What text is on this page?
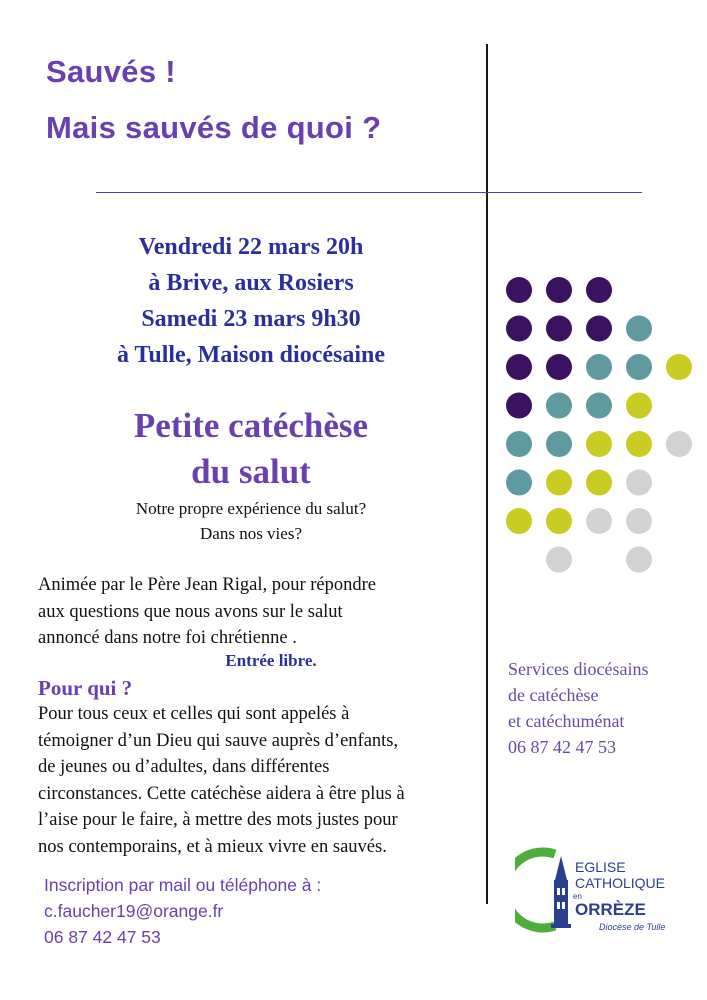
Sauvés !
Mais sauvés de quoi ?
Vendredi 22 mars 20h
à Brive, aux Rosiers
Samedi 23 mars 9h30
à Tulle, Maison diocésaine
Petite catéchèse
du salut
Notre propre expérience du salut?
Dans nos vies?
Animée par le Père Jean Rigal, pour répondre
aux questions que nous avons sur le salut
annoncé dans notre foi chrétienne .
Entrée libre.
Pour qui ?
Pour tous ceux et celles qui sont appelés à
témoigner d’un Dieu qui sauve auprès d’enfants,
de jeunes ou d’adultes, dans différentes
circonstances. Cette catéchèse aidera à être plus à
l’aise pour le faire, à mettre des mots justes pour
nos contemporains, et à mieux vivre en sauvés.
Inscription par mail ou téléphone à :
c.faucher19@orange.fr
06 87 42 47 53
Services diocésains
de catéchèse
et catéchuménat
06 87 42 47 53
EGLISE
CATHOLIQUE
en
ORRÈZE
Diocèse de Tulle
